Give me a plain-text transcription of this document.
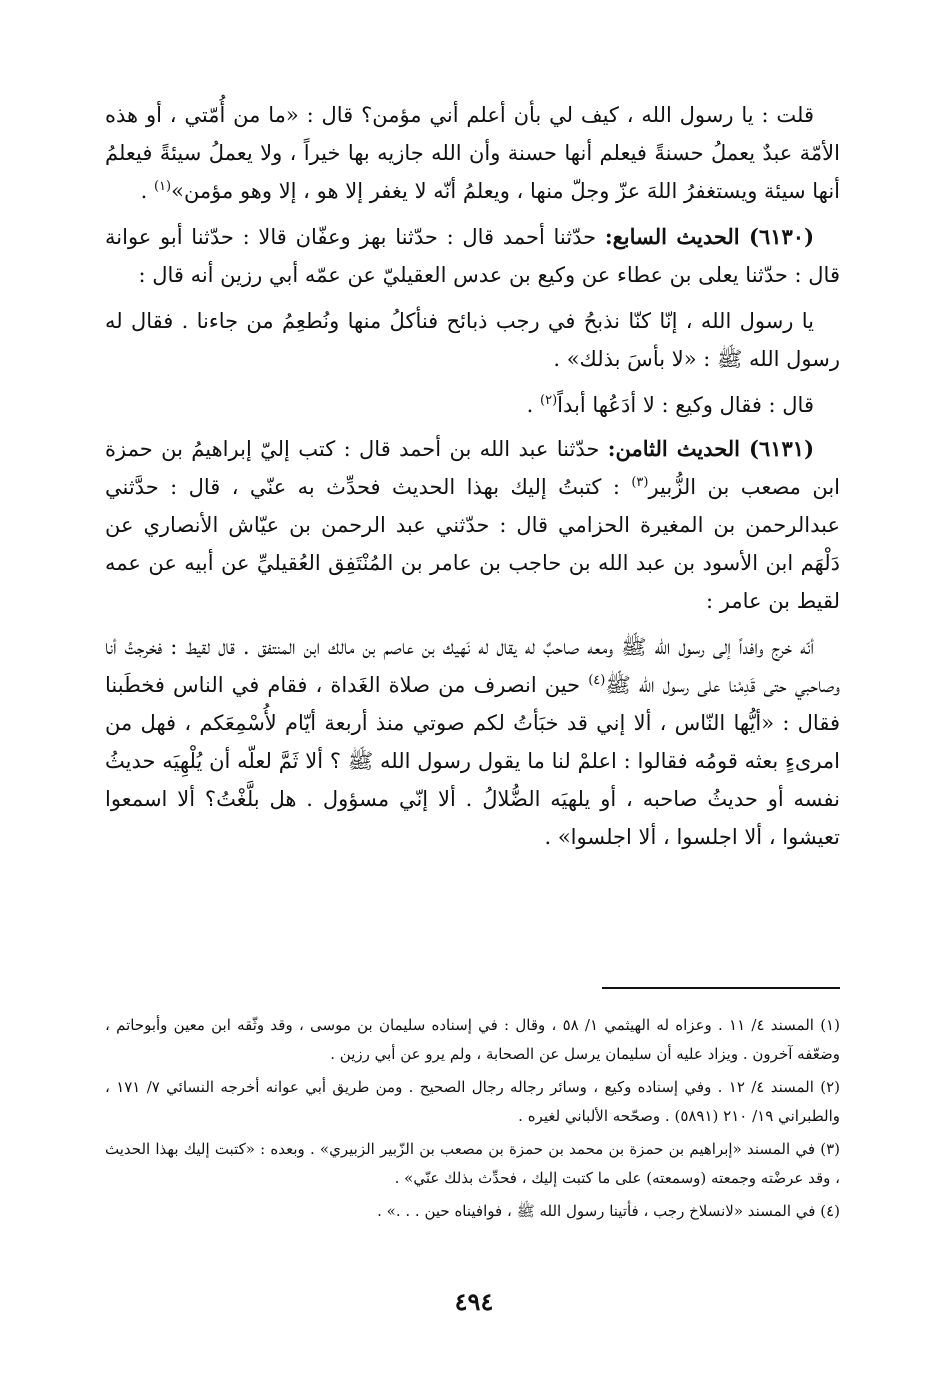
قلت : يا رسول الله ، كيف لي بأن أعلم أني مؤمن؟ قال : «ما من أُمّتي ، أو هذه الأمّة عبدٌ يعملُ حسنةً فيعلم أنها حسنة وأن الله جازيه بها خيراً ، ولا يعملُ سيئةً فيعلمُ أنها سيئة ويستغفرُ اللهَ عزّ وجلّ منها ، ويعلمُ أنّه لا يغفر إلا هو ، إلا وهو مؤمن»$^{(١)}$ .

(٦١٣٠) الحديث السابع: حدّثنا أحمد قال : حدّثنا بهز وعفّان قالا : حدّثنا أبو عوانة قال : حدّثنا يعلى بن عطاء عن وكيع بن عدس العقيليّ عن عمّه أبي رزين أنه قال :

يا رسول الله ، إنّا كنّا نذبحُ في رجب ذبائح فنأكلُ منها ونُطعِمُ من جاءنا . فقال له رسول الله ﷺ : «لا بأسَ بذلك» .

قال : فقال وكيع : لا أدَعُها أبداً$^{(٢)}$ .

(٦١٣١) الحديث الثامن: حدّثنا عبد الله بن أحمد قال : كتب إليّ إبراهيمُ بن حمزة ابن مصعب بن الزُّبير$^{(٣)}$ : كتبتُ إليك بهذا الحديث فحدِّث به عنّي ، قال : حدَّثني عبدالرحمن بن المغيرة الحزامي قال : حدّثني عبد الرحمن بن عيّاش الأنصاري عن دَلْهَم ابن الأسود بن عبد الله بن حاجب بن عامر بن المُنْتَفِق العُقيليِّ عن أبيه عن عمه لقيط بن عامر :

أنّه خرج وافداً إلى رسول الله ﷺ ومعه صاحبٌ له يقال له نَهيك بن عاصم بن مالك ابن المنتفق . قال لقيط : فخرجتُ أنا وصاحبي حتى قَدِمْنا على رسول الله ﷺ$^{(٤)}$ حين انصرف من صلاة الغَداة ، فقام في الناس فخطَبنا فقال : «أيُّها النّاس ، ألا إني قد خبَأتُ لكم صوتي منذ أربعة أيّام لأُسْمِعَكم ، فهل من امرىءٍ بعثه قومُه فقالوا : اعلمْ لنا ما يقول رسول الله ﷺ ؟ ألا ثَمَّ لعلّه أن يُلْهِيَه حديثُ نفسه أو حديثُ صاحبه ، أو يلهيَه الضُّلالُ . ألا إنّي مسؤول . هل بلَّغْتُ؟ ألا اسمعوا تعيشوا ، ألا اجلسوا ، ألا اجلسوا» .

(١) المسند ٤/ ١١ . وعزاه له الهيثمي ١/ ٥٨ ، وقال : في إسناده سليمان بن موسى ، وقد وثّقه ابن معين وأبوحاتم ، وضعّفه آخرون . ويزاد عليه أن سليمان يرسل عن الصحابة ، ولم يرو عن أبي رزين .

(٢) المسند ٤/ ١٢ . وفي إسناده وكيع ، وسائر رجاله رجال الصحيح . ومن طريق أبي عوانه أخرجه النسائي ٧/ ١٧١ ، والطبراني ١٩/ ٢١٠ (٥٨٩١) . وصحّحه الألباني لغيره .

(٣) في المسند «إبراهيم بن حمزة بن محمد بن حمزة بن مصعب بن الزّبير الزبيري» . وبعده : «كتبت إليك بهذا الحديث ، وقد عرضْته وجمعته (وسمعته) على ما كتبت إليك ، فحدِّث بذلك عنّي» .

(٤) في المسند «لانسلاخ رجب ، فأتينا رسول الله ﷺ ، فوافيناه حين . . .» .

٤٩٤
